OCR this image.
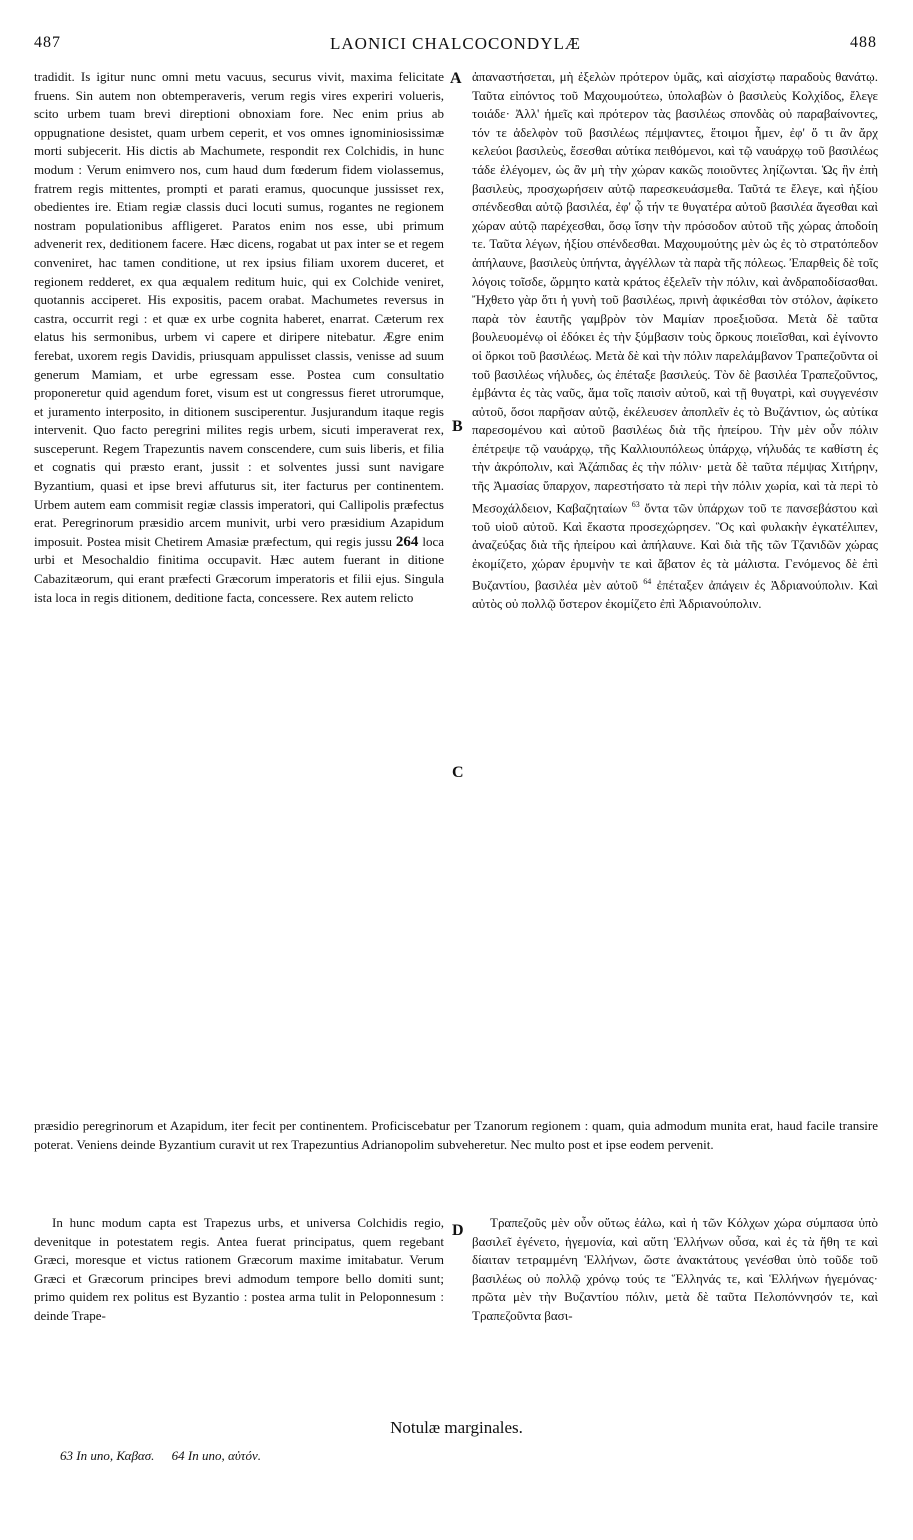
487	LAONICI CHALCOCONDYLÆ	488
A
B
C
D

tradidit. Is igitur nunc omni metu vacuus, securus vivit, maxima felicitate fruens. Sin autem non obtemperaveris, verum regis vires experiri volueris, scito urbem tuam brevi direptioni obnoxiam fore. Nec enim prius ab oppugnatione desistet, quam urbem ceperit, et vos omnes ignominiosissimæ morti subjecerit. His dictis ab Machumete, respondit rex Colchidis, in hunc modum : Verum enimvero nos, cum haud dum fœderum fidem violassemus, fratrem regis mittentes, prompti et parati eramus, quocunque jussisset rex, obedientes ire. Etiam regiæ classis duci locuti sumus, rogantes ne regionem nostram populationibus affligeret. Paratos enim nos esse, ubi primum advenerit rex, deditionem facere. Hæc dicens, rogabat ut pax inter se et regem conveniret, hac tamen conditione, ut rex ipsius filiam uxorem duceret, et regionem redderet, ex qua æqualem reditum huic, qui ex Colchide veniret, quotannis acciperet. His expositis, pacem orabat. Machumetes reversus in castra, occurrit regi : et quæ ex urbe cognita haberet, enarrat. Cæterum rex elatus his sermonibus, urbem vi capere et diripere nitebatur. Ægre enim ferebat, uxorem regis Davidis, priusquam appulisset classis, venisse ad suum generum Mamiam, et urbe egressam esse. Postea cum consultatio proponeretur quid agendum foret, visum est ut congressus fieret utrorumque, et juramento interposito, in ditionem susciperentur. Jusjurandum itaque regis intervenit. Quo facto peregrini milites regis urbem, sicuti imperaverat rex, susceperunt. Regem Trapezuntis navem conscendere, cum suis liberis, et filia et cognatis qui præsto erant, jussit : et solventes jussi sunt navigare Byzantium, quasi et ipse brevi affuturus sit, iter facturus per continentem. Urbem autem eam commisit regiæ classis imperatori, qui Callipolis præfectus erat. Peregrinorum præsidio arcem munivit, urbi vero præsidium Azapidum imposuit. Postea misit Chetirem Amasiæ præfectum, qui regis jussu 264 loca urbi et Mesochaldio finitima occupavit. Hæc autem fuerant in ditione Cabazitæorum, qui erant præfecti Græcorum imperatoris et filii ejus. Singula ista loca in regis ditionem, deditione facta, concessere. Rex autem relicto

ἀπαναστήσεται, μὴ ἐξελὼν πρότερον ὑμᾶς, καὶ αἰσχίστῳ παραδοὺς θανάτῳ. Ταῦτα εἰπόντος τοῦ Μαχουμούτεω, ὑπολαβὼν ὁ βασιλεὺς Κολχίδος, ἔλεγε τοιάδε· Ἀλλ' ἡμεῖς καὶ πρότερον τὰς βασιλέως σπονδὰς οὐ παραβαίνοντες, τόν τε ἀδελφὸν τοῦ βασιλέως πέμψαντες, ἕτοιμοι ἦμεν, ἐφ' ὅ τι ἂν ἄρχ κελεύοι βασιλεὺς, ἔσεσθαι αὐτίκα πειθόμενοι, καὶ τῷ ναυάρχῳ τοῦ βασιλέως τάδε ἐλέγομεν, ὡς ἂν μὴ τὴν χώραν κακῶς ποιοῦντες ληίζωνται. Ὡς ἣν ἐπὴ βασιλεὺς, προσχωρήσειν αὐτῷ παρεσκευάσμεθα. Ταῦτά τε ἔλεγε, καὶ ἠξίου σπένδεσθαι αὐτῷ βασιλέα, ἐφ' ᾧ τήν τε θυγατέρα αὐτοῦ βασιλέα ἄγεσθαι καὶ χώραν αὐτῷ παρέχεσθαι, ὅσῳ ἴσην τὴν πρόσοδον αὐτοῦ τῆς χώρας ἀποδοίη τε. Ταῦτα λέγων, ἠξίου σπένδεσθαι. Μαχουμούτης μὲν ὡς ἐς τὸ στρατόπεδον ἀπήλαυνε, βασιλεὺς ὑπήντα, ἀγγέλλων τὰ παρὰ τῆς πόλεως. Ἐπαρθεὶς δὲ τοῖς λόγοις τοῖσδε, ὥρμητο κατὰ κράτος ἐξελεῖν τὴν πόλιν, καὶ ἀνδραποδίσασθαι. Ἤχθετο γὰρ ὅτι ἡ γυνὴ τοῦ βασιλέως, πρινὴ ἀφικέσθαι τὸν στόλον, ἀφίκετο παρὰ τὸν ἑαυτῆς γαμβρὸν τὸν Μαμίαν προεξιοῦσα. Μετὰ δὲ ταῦτα βουλευομένῳ οἱ ἐδόκει ἐς τὴν ξύμβασιν τοὺς ὅρκους ποιεῖσθαι, καὶ ἐγίνοντο οἱ ὅρκοι τοῦ βασιλέως. Μετὰ δὲ καὶ τὴν πόλιν παρελάμβανον Τραπεζοῦντα οἱ τοῦ βασιλέως νήλυδες, ὡς ἐπέταξε βασιλεύς. Τὸν δὲ βασιλέα Τραπεζοῦντος, ἐμβάντα ἐς τὰς ναῦς, ἅμα τοῖς παισὶν αὐτοῦ, καὶ τῇ θυγατρὶ, καὶ συγγενέσιν αὐτοῦ, ὅσοι παρῆσαν αὐτῷ, ἐκέλευσεν ἀποπλεῖν ἐς τὸ Βυζάντιον, ὡς αὐτίκα παρεσομένου καὶ αὐτοῦ βασιλέως διὰ τῆς ἠπείρου. Τὴν μὲν οὖν πόλιν ἐπέτρεψε τῷ ναυάρχῳ, τῆς Καλλιουπόλεως ὑπάρχῳ, νήλυδάς τε καθίστη ἐς τὴν ἀκρόπολιν, καὶ Ἀζάπιδας ἐς τὴν πόλιν· μετὰ δὲ ταῦτα πέμψας Χιτήρην, τῆς Ἀμασίας ὕπαρχον, παρεστήσατο τὰ περὶ τὴν πόλιν χωρία, καὶ τὰ περὶ τὸ Μεσοχάλδειον, Καβαζηταίων $^{63}$ ὄντα τῶν ὑπάρχων τοῦ τε πανσεβάστου καὶ τοῦ υἱοῦ αὐτοῦ. Καὶ ἕκαστα προσεχώρησεν. Ὃς καὶ φυλακὴν ἐγκατέλιπεν, ἀναζεύξας διὰ τῆς ἠπείρου καὶ ἀπήλαυνε. Καὶ διὰ τῆς τῶν Τζανιδῶν χώρας ἐκομίζετο, χώραν ἐρυμνὴν τε καὶ ἄβατον ἐς τὰ μάλιστα. Γενόμενος δὲ ἐπὶ Βυζαντίου, βασιλέα μὲν αὐτοῦ $^{64}$ ἐπέταξεν ἀπάγειν ἐς Ἀδριανούπολιν. Καὶ αὐτὸς οὐ πολλῷ ὕστερον ἐκομίζετο ἐπὶ Ἀδριανούπολιν.

præsidio peregrinorum et Azapidum, iter fecit per continentem. Proficiscebatur per Tzanorum regionem : quam, quia admodum munita erat, haud facile transire poterat. Veniens deinde Byzantium curavit ut rex Trapezuntius Adrianopolim subveheretur. Nec multo post et ipse eodem pervenit.
In hunc modum capta est Trapezus urbs, et universa Colchidis regio, devenitque in potestatem regis. Antea fuerat principatus, quem regebant Græci, moresque et victus rationem Græcorum maxime imitabatur. Verum Græci et Græcorum principes brevi admodum tempore bello domiti sunt; primo quidem rex politus est Byzantio : postea arma tulit in Peloponnesum : deinde Trape-
Τραπεζοῦς μὲν οὖν οὕτως ἑάλω, καὶ ἡ τῶν Κόλχων χώρα σύμπασα ὑπὸ βασιλεῖ ἐγένετο, ἡγεμονία, καὶ αὕτη Ἑλλήνων οὖσα, καὶ ἐς τὰ ἤθη τε καὶ δίαιταν τετραμμένη Ἑλλήνων, ὥστε ἀνακτάτους γενέσθαι ὑπὸ τοῦδε τοῦ βασιλέως οὐ πολλῷ χρόνῳ τούς τε Ἕλληνάς τε, καὶ Ἑλλήνων ἡγεμόνας· πρῶτα μὲν τὴν Βυζαντίου πόλιν, μετὰ δὲ ταῦτα Πελοπόννησόν τε, καὶ Τραπεζοῦντα βασι-
Notulæ marginales.
63 In uno, Καβασ. 64 In uno, αὐτόν.
